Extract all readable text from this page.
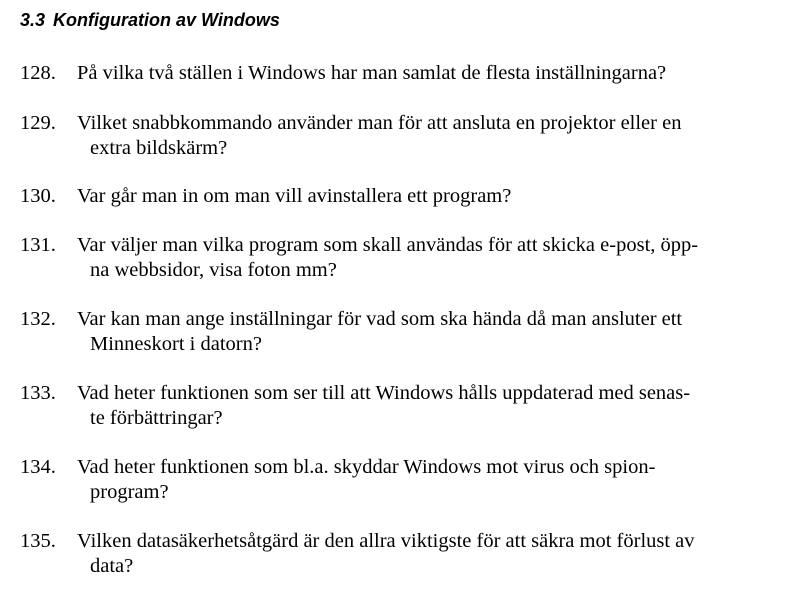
3.3 Konfiguration av Windows
128.	På vilka två ställen i Windows har man samlat de flesta inställningarna?
129.	Vilket snabbkommando använder man för att ansluta en projektor eller en
extra bildskärm?
130.	Var går man in om man vill avinstallera ett program?
131.	Var väljer man vilka program som skall användas för att skicka e-post, öpp-
na webbsidor, visa foton mm?
132.	Var kan man ange inställningar för vad som ska hända då man ansluter ett
Minneskort i datorn?
133.	Vad heter funktionen som ser till att Windows hålls uppdaterad med senas-
te förbättringar?
134.	Vad heter funktionen som bl.a. skyddar Windows mot virus och spion-
program?
135.	Vilken datasäkerhetsåtgärd är den allra viktigste för att säkra mot förlust av
data?
